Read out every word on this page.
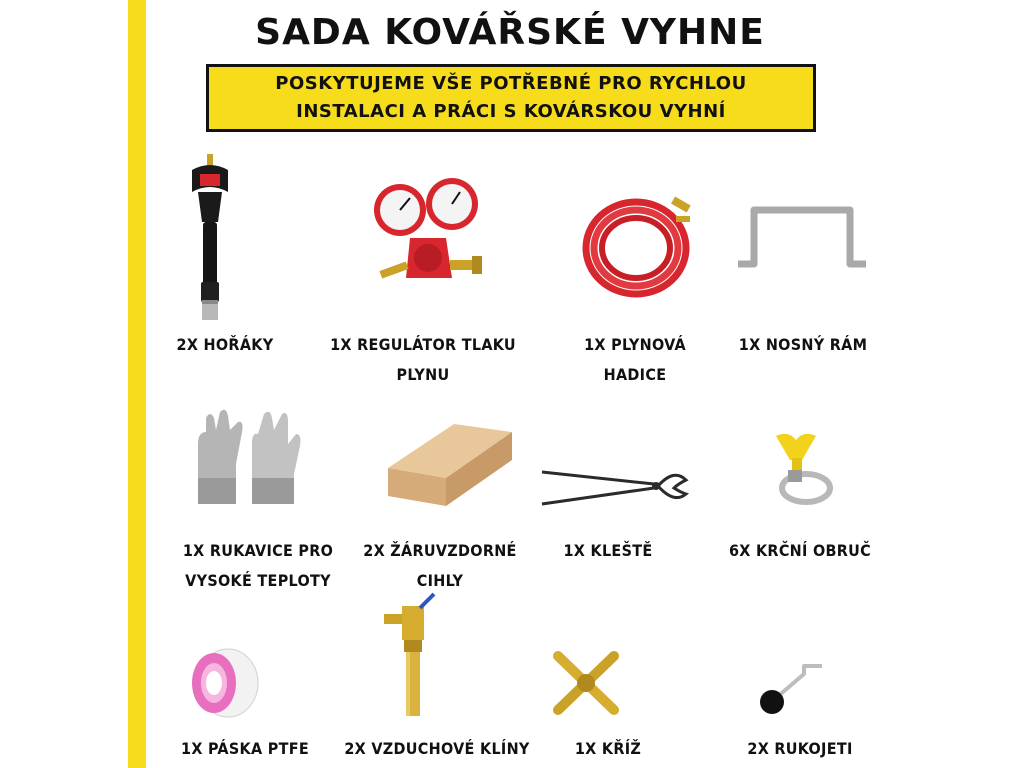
SADA KOVÁŘSKÉ VYHNE
POSKYTUJEME VŠE POTŘEBNÉ PRO RYCHLOU
INSTALACI A PRÁCI S KOVÁRSKOU VYHNÍ
2X HOŘÁKY	1X REGULÁTOR TLAKU PLYNU
1X PLYNOVÁ HADICE
1X NOSNÝ RÁM
1X RUKAVICE PRO VYSOKÉ TEPLOTY
2X ŽÁRUVZDORNÉ CIHLY
1X KLEŠTĚ	6X KRČNÍ OBRUČ
1X PÁSKA PTFE	2X VZDUCHOVÉ KLÍNY	1X KŘÍŽ	2X RUKOJETI
